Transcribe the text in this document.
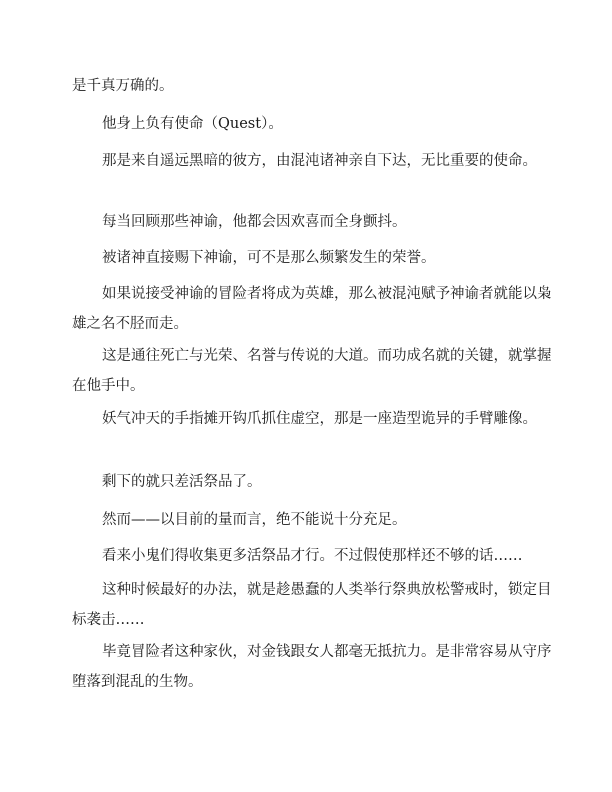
是千真万确的。

他身上负有使命（Quest）。

那是来自遥远黑暗的彼方，由混沌诸神亲自下达，无比重要的使命。

每当回顾那些神谕，他都会因欢喜而全身颤抖。

被诸神直接赐下神谕，可不是那么频繁发生的荣誉。

如果说接受神谕的冒险者将成为英雄，那么被混沌赋予神谕者就能以枭雄之名不胫而走。

这是通往死亡与光荣、名誉与传说的大道。而功成名就的关键，就掌握在他手中。

妖气冲天的手指摊开钩爪抓住虚空，那是一座造型诡异的手臂雕像。

剩下的就只差活祭品了。

然而——以目前的量而言，绝不能说十分充足。

看来小鬼们得收集更多活祭品才行。不过假使那样还不够的话……

这种时候最好的办法，就是趁愚蠢的人类举行祭典放松警戒时，锁定目标袭击……

毕竟冒险者这种家伙，对金钱跟女人都毫无抵抗力。是非常容易从守序堕落到混乱的生物。
